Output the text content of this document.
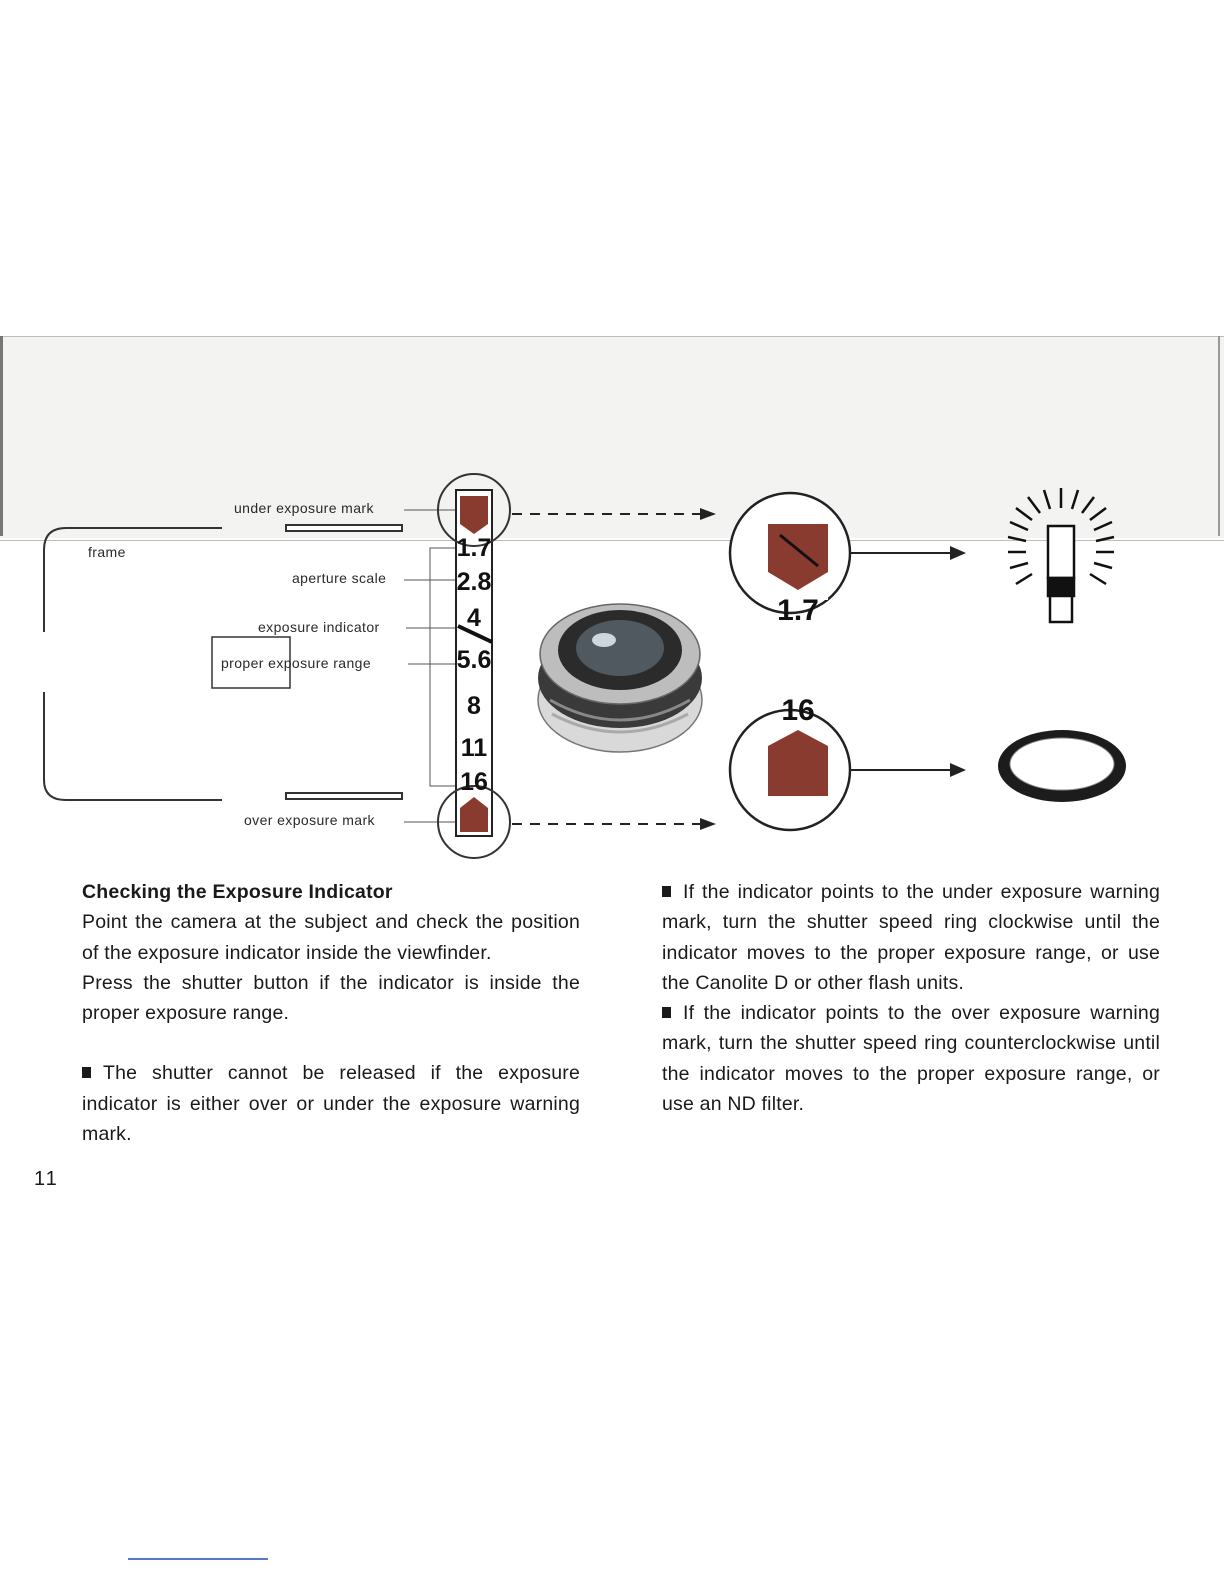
1.7
2.8
4
5.6
8
11
16
1.7
16
under exposure mark
frame
aperture scale
exposure indicator
proper exposure range
over exposure mark

Checking the Exposure Indicator

Point the camera at the subject and check the position of the exposure indicator inside the viewfinder.

Press the shutter button if the indicator is inside the proper exposure range.

The shutter cannot be released if the exposure indicator is either over or under the exposure warning mark.

If the indicator points to the under exposure warning mark, turn the shutter speed ring clockwise until the indicator moves to the proper exposure range, or use the Canolite D or other flash units.

If the indicator points to the over exposure warning mark, turn the shutter speed ring counterclockwise until the indicator moves to the proper exposure range, or use an ND filter.

11
